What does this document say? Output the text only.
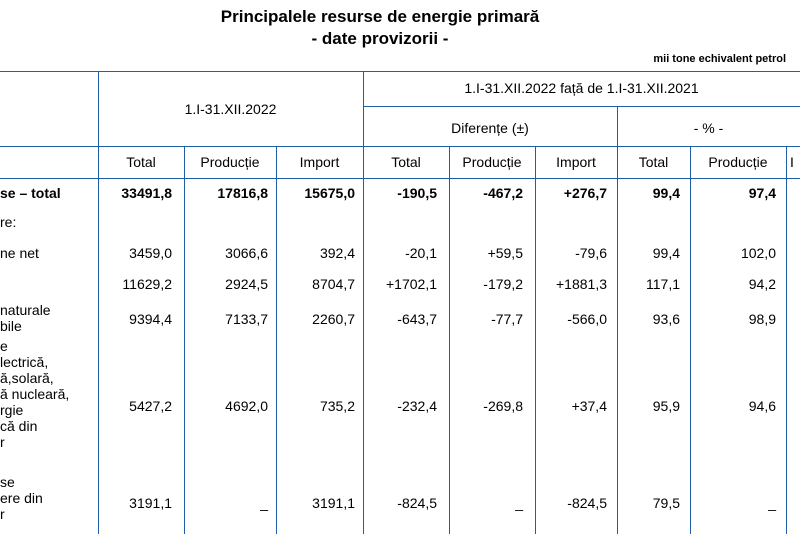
Principalele resurse de energie primară
- date provizorii -
mii tone echivalent petrol
1.I-31.XII.2022
1.I-31.XII.2022 față de 1.I-31.XII.2021
Diferențe (±)	- % -
Total	Producție	Import	Total	Producție	Import	Total	Producție	I
se – total	33491,8	17816,8	15675,0	-190,5	-467,2	+276,7	99,4	97,4
re:
ne net	3459,0	3066,6	392,4	-20,1	+59,5	-79,6	99,4	102,0
11629,2	2924,5	8704,7	+1702,1	-179,2	+1881,3	117,1	94,2
naturale
bile	9394,4	7133,7	2260,7	-643,7	-77,7	-566,0	93,6	98,9
e
lectrică,
ă,solară,
ă nucleară,
rgie
că din
r
5427,2	4692,0	735,2	-232,4	-269,8	+37,4	95,9	94,6
se
ere din
r
3191,1	_	3191,1	-824,5	_	-824,5	79,5	_
